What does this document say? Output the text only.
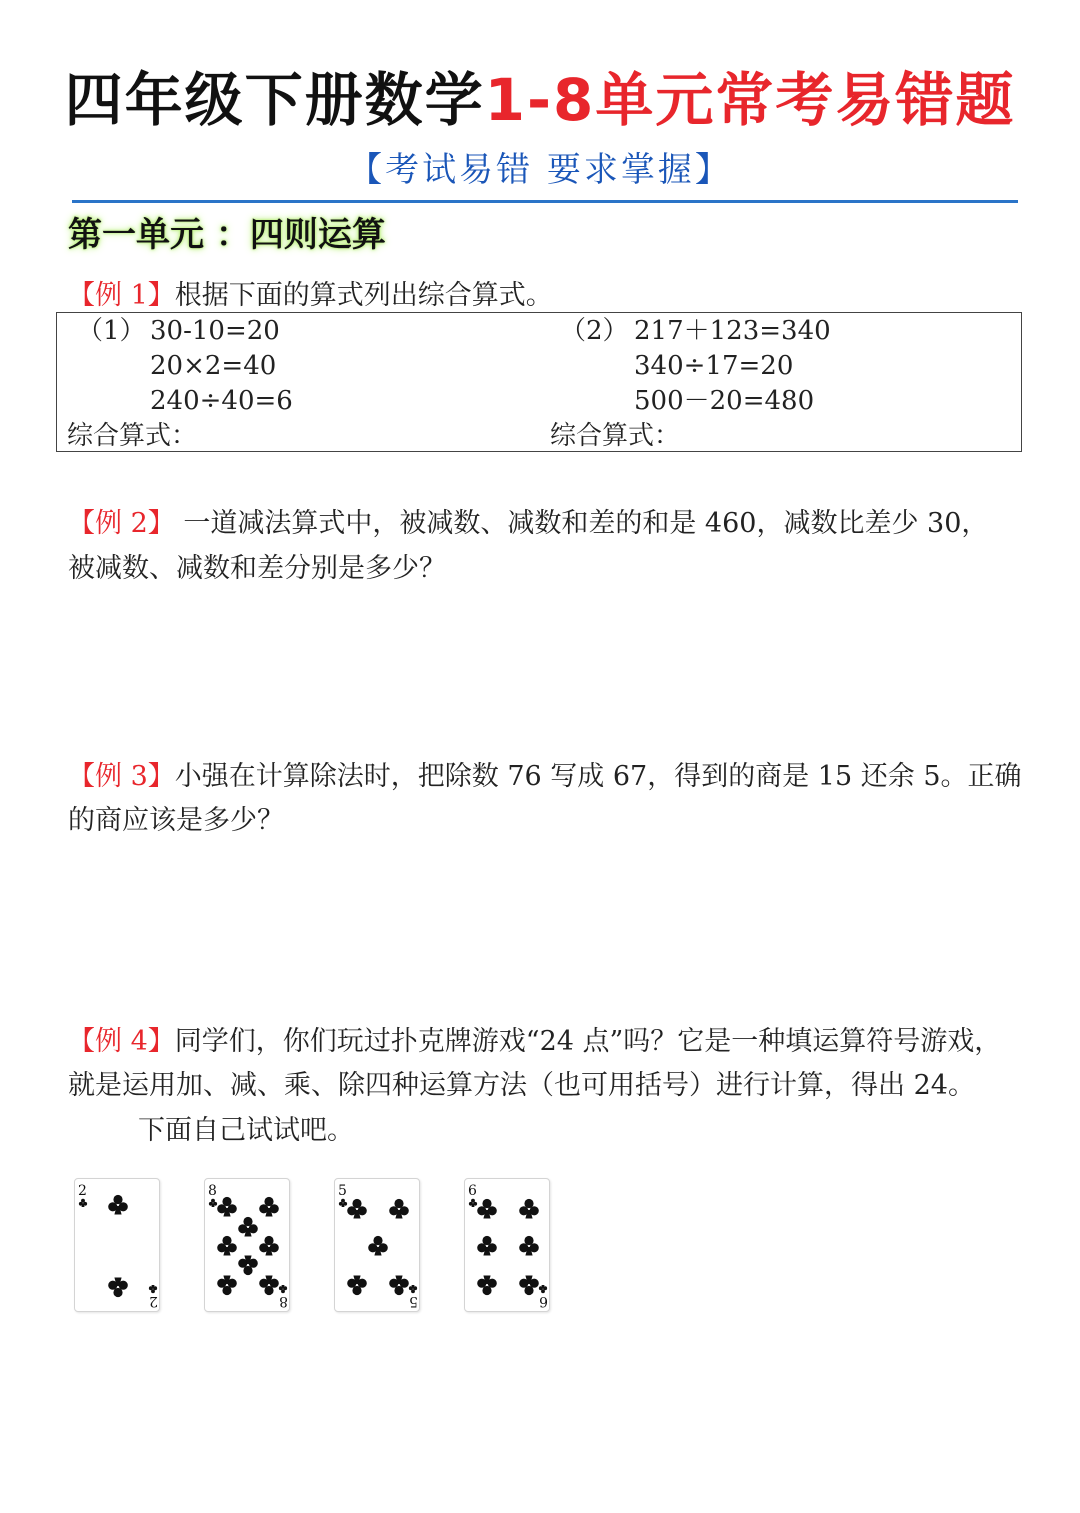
四年级下册数学1-8单元常考易错题
【考试易错 要求掌握】
第一单元 ：四则运算
【例 1】根据下面的算式列出综合算式。
（1） 30-10=20
20×2=40
240÷40=6
综合算式：
（2） 217＋123=340
340÷17=20
500－20=480
综合算式：
【例 2】 一道减法算式中，被减数、减数和差的和是 460，减数比差少 30，
被减数、减数和差分别是多少？
【例 3】小强在计算除法时，把除数 76 写成 67，得到的商是 15 还余 5。正确
的商应该是多少？
【例 4】同学们，你们玩过扑克牌游戏“24 点”吗？它是一种填运算符号游戏，
就是运用加、减、乘、除四种运算方法（也可用括号）进行计算，得出 24。
下面自己试试吧。
2
2
8
8
5
5
6
6
